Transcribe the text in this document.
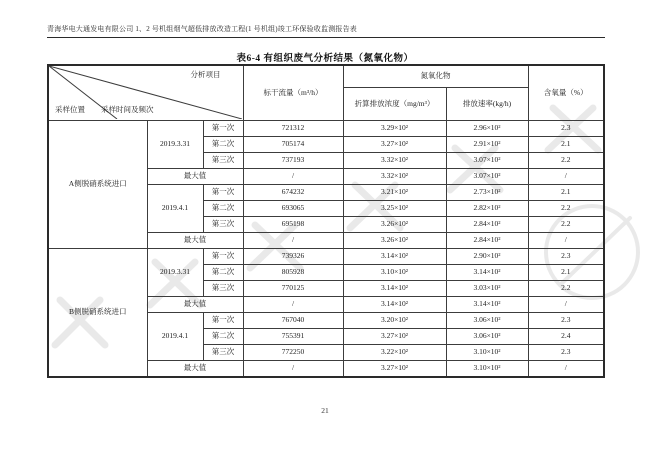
青海华电大通发电有限公司 1、2 号机组烟气超低排放改造工程(1 号机组)竣工环保验收监测报告表
表6-4 有组织废气分析结果（氮氧化物）
分析项目
采样时间及频次
采样位置			标干流量（m³/h）	氮氧化物		含氧量（%）
				折算排放浓度（mg/m³）	排放速率(kg/h)	
A侧脱硝系统进口	2019.3.31	第一次	721312	3.29×10²	2.96×10²	2.3
		第二次	705174	3.27×10²	2.91×10²	2.1
		第三次	737193	3.32×10²	3.07×10²	2.2
	最大值		/	3.32×10²	3.07×10²	/
	2019.4.1	第一次	674232	3.21×10²	2.73×10²	2.1
		第二次	693065	3.25×10²	2.82×10²	2.2
		第三次	695198	3.26×10²	2.84×10²	2.2
	最大值		/	3.26×10²	2.84×10²	/
B侧脱硝系统进口	2019.3.31	第一次	739326	3.14×10²	2.90×10²	2.3
		第二次	805928	3.10×10²	3.14×10²	2.1
		第三次	770125	3.14×10²	3.03×10²	2.2
	最大值		/	3.14×10²	3.14×10²	/
	2019.4.1	第一次	767040	3.20×10²	3.06×10²	2.3
		第二次	755391	3.27×10²	3.06×10²	2.4
		第三次	772250	3.22×10²	3.10×10²	2.3
	最大值		/	3.27×10²	3.10×10²	/
21
